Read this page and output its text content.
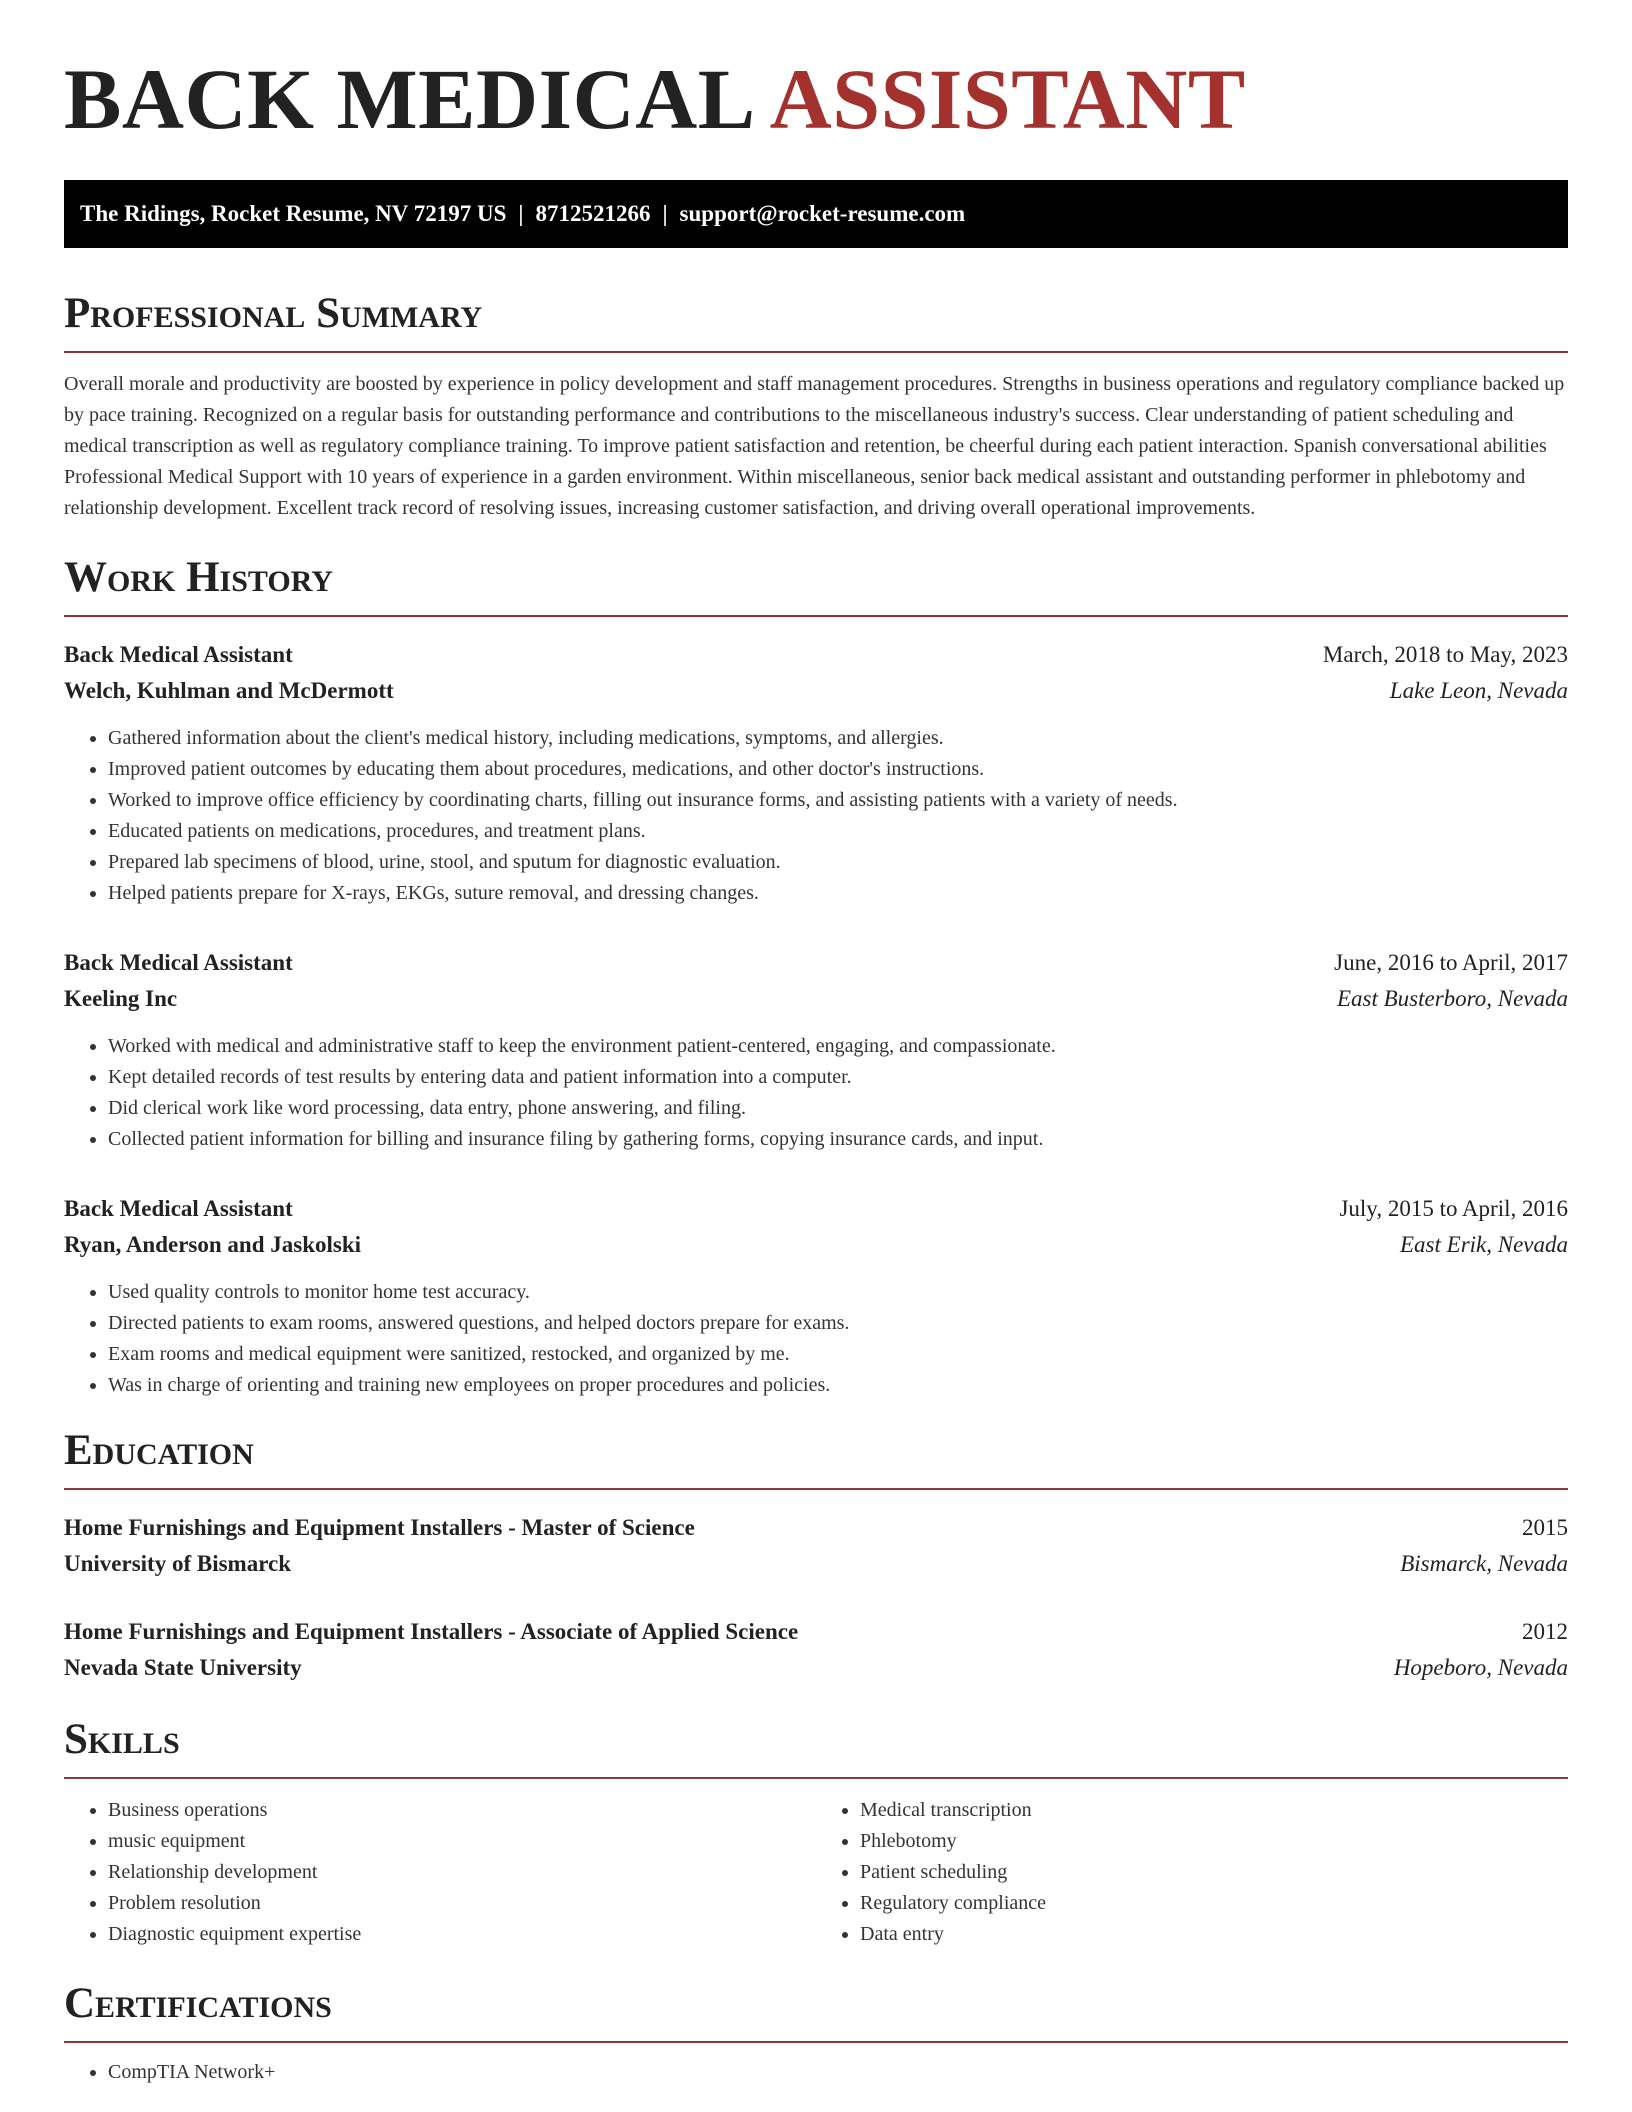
BACK MEDICAL ASSISTANT
The Ridings, Rocket Resume, NV 72197 US | 8712521266 | support@rocket-resume.com
Professional Summary

Overall morale and productivity are boosted by experience in policy development and staff management procedures. Strengths in business operations and regulatory compliance backed up by pace training. Recognized on a regular basis for outstanding performance and contributions to the miscellaneous industry's success. Clear understanding of patient scheduling and medical transcription as well as regulatory compliance training. To improve patient satisfaction and retention, be cheerful during each patient interaction. Spanish conversational abilities Professional Medical Support with 10 years of experience in a garden environment. Within miscellaneous, senior back medical assistant and outstanding performer in phlebotomy and relationship development. Excellent track record of resolving issues, increasing customer satisfaction, and driving overall operational improvements.

Work History
Back Medical Assistant	March, 2018 to May, 2023
Welch, Kuhlman and McDermott	Lake Leon, Nevada
• Gathered information about the client's medical history, including medications, symptoms, and allergies.
• Improved patient outcomes by educating them about procedures, medications, and other doctor's instructions.
• Worked to improve office efficiency by coordinating charts, filling out insurance forms, and assisting patients with a variety of needs.
• Educated patients on medications, procedures, and treatment plans.
• Prepared lab specimens of blood, urine, stool, and sputum for diagnostic evaluation.
• Helped patients prepare for X-rays, EKGs, suture removal, and dressing changes.
Back Medical Assistant	June, 2016 to April, 2017
Keeling Inc	East Busterboro, Nevada
• Worked with medical and administrative staff to keep the environment patient-centered, engaging, and compassionate.
• Kept detailed records of test results by entering data and patient information into a computer.
• Did clerical work like word processing, data entry, phone answering, and filing.
• Collected patient information for billing and insurance filing by gathering forms, copying insurance cards, and input.
Back Medical Assistant	July, 2015 to April, 2016
Ryan, Anderson and Jaskolski	East Erik, Nevada
• Used quality controls to monitor home test accuracy.
• Directed patients to exam rooms, answered questions, and helped doctors prepare for exams.
• Exam rooms and medical equipment were sanitized, restocked, and organized by me.
• Was in charge of orienting and training new employees on proper procedures and policies.
Education
Home Furnishings and Equipment Installers - Master of Science	2015
University of Bismarck	Bismarck, Nevada
Home Furnishings and Equipment Installers - Associate of Applied Science	2012
Nevada State University	Hopeboro, Nevada
Skills
• Business operations
• music equipment
• Relationship development
• Problem resolution
• Diagnostic equipment expertise
• Medical transcription
• Phlebotomy
• Patient scheduling
• Regulatory compliance
• Data entry
Certifications
• CompTIA Network+
